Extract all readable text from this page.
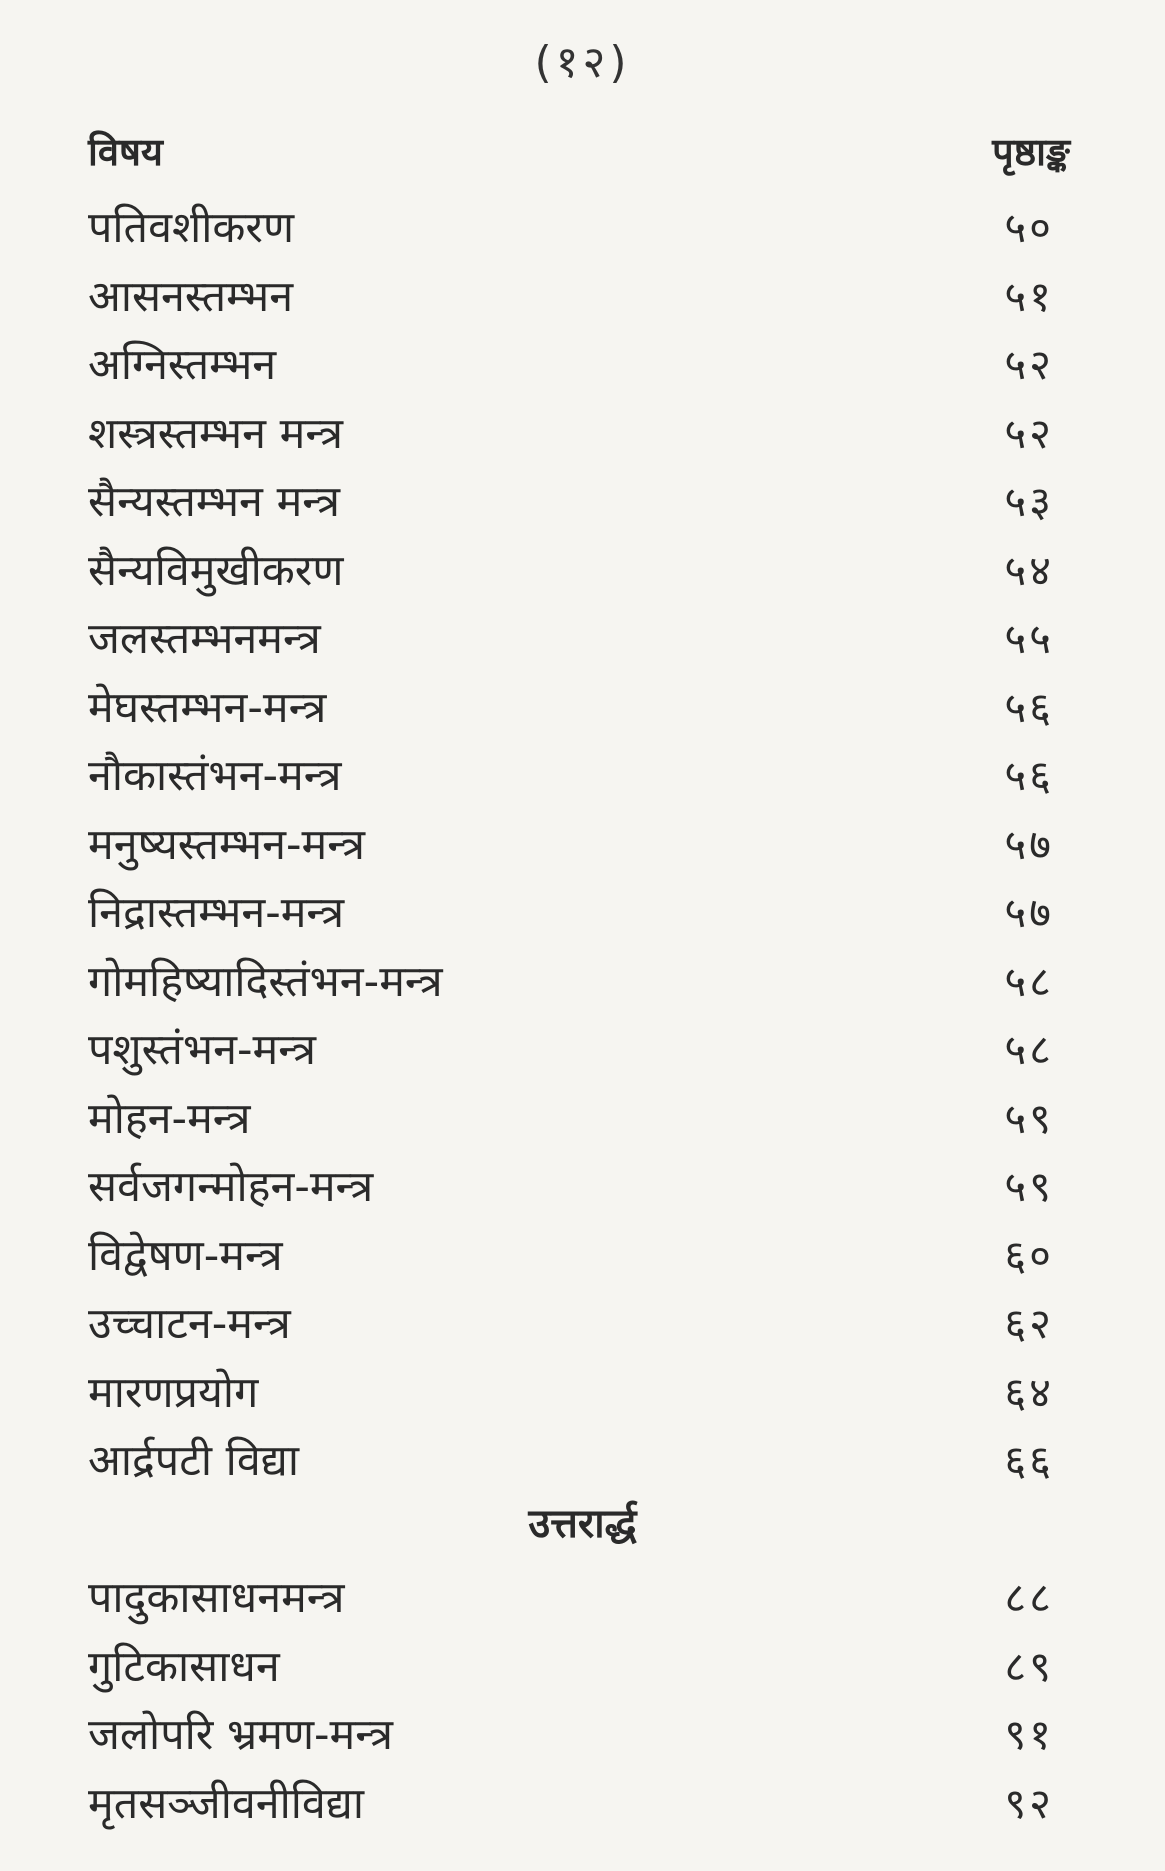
(१२)
विषय	पृष्ठाङ्क
पतिवशीकरण	५०
आसनस्तम्भन	५१
अग्निस्तम्भन	५२
शस्त्रस्तम्भन मन्त्र	५२
सैन्यस्तम्भन मन्त्र	५३
सैन्यविमुखीकरण	५४
जलस्तम्भनमन्त्र	५५
मेघस्तम्भन-मन्त्र	५६
नौकास्तंभन-मन्त्र	५६
मनुष्यस्तम्भन-मन्त्र	५७
निद्रास्तम्भन-मन्त्र	५७
गोमहिष्यादिस्तंभन-मन्त्र	५८
पशुस्तंभन-मन्त्र	५८
मोहन-मन्त्र	५९
सर्वजगन्मोहन-मन्त्र	५९
विद्वेषण-मन्त्र	६०
उच्चाटन-मन्त्र	६२
मारणप्रयोग	६४
आर्द्रपटी विद्या	६६
उत्तरार्द्ध
पादुकासाधनमन्त्र	८८
गुटिकासाधन	८९
जलोपरि भ्रमण-मन्त्र	९१
मृतसञ्जीवनीविद्या	९२
